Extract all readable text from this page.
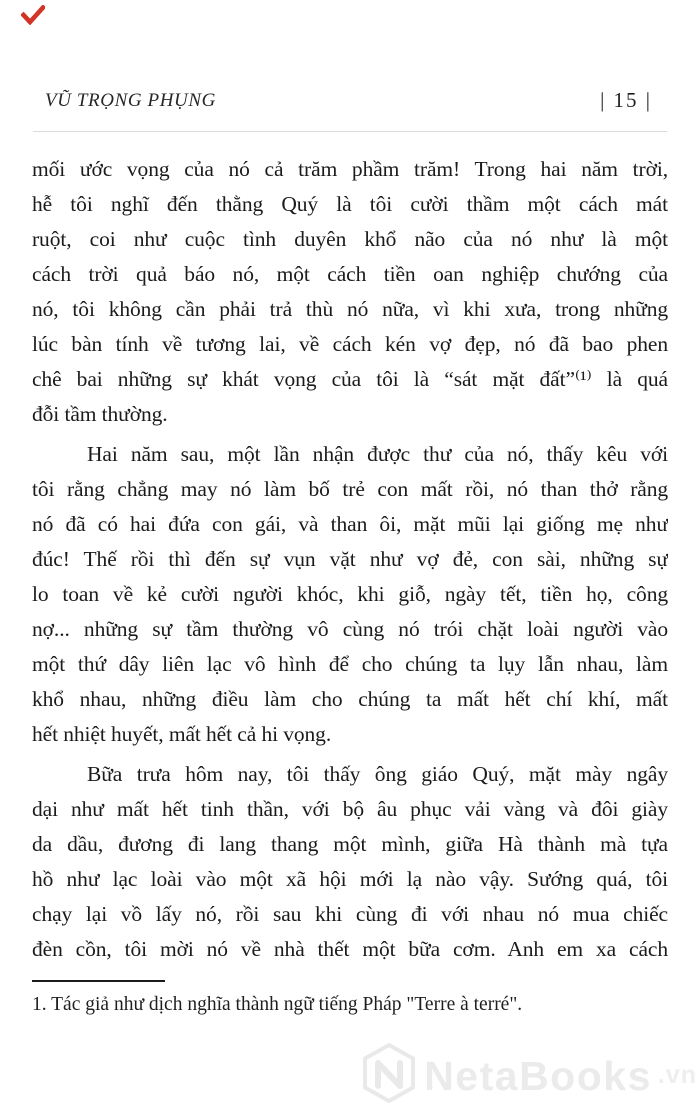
VŨ TRỌNG PHỤNG	| 15 |
mối ước vọng của nó cả trăm phầm trăm! Trong hai năm trời,
hễ tôi nghĩ đến thằng Quý là tôi cười thầm một cách mát
ruột, coi như cuộc tình duyên khổ não của nó như là một
cách trời quả báo nó, một cách tiền oan nghiệp chướng của
nó, tôi không cần phải trả thù nó nữa, vì khi xưa, trong những
lúc bàn tính về tương lai, về cách kén vợ đẹp, nó đã bao phen
chê bai những sự khát vọng của tôi là “sát mặt đất”⁽¹⁾ là quá
đỗi tầm thường.
Hai năm sau, một lần nhận được thư của nó, thấy kêu với
tôi rằng chẳng may nó làm bố trẻ con mất rồi, nó than thở rằng
nó đã có hai đứa con gái, và than ôi, mặt mũi lại giống mẹ như
đúc! Thế rồi thì đến sự vụn vặt như vợ đẻ, con sài, những sự
lo toan về kẻ cười người khóc, khi giỗ, ngày tết, tiền họ, công
nợ... những sự tầm thường vô cùng nó trói chặt loài người vào
một thứ dây liên lạc vô hình để cho chúng ta lụy lẫn nhau, làm
khổ nhau, những điều làm cho chúng ta mất hết chí khí, mất
hết nhiệt huyết, mất hết cả hi vọng.
Bữa trưa hôm nay, tôi thấy ông giáo Quý, mặt mày ngây
dại như mất hết tinh thần, với bộ âu phục vải vàng và đôi giày
da dầu, đương đi lang thang một mình, giữa Hà thành mà tựa
hồ như lạc loài vào một xã hội mới lạ nào vậy. Sướng quá, tôi
chạy lại vồ lấy nó, rồi sau khi cùng đi với nhau nó mua chiếc
đèn cồn, tôi mời nó về nhà thết một bữa cơm. Anh em xa cách
1. Tác giả như dịch nghĩa thành ngữ tiếng Pháp "Terre à terré".
NetaBooks .vn
